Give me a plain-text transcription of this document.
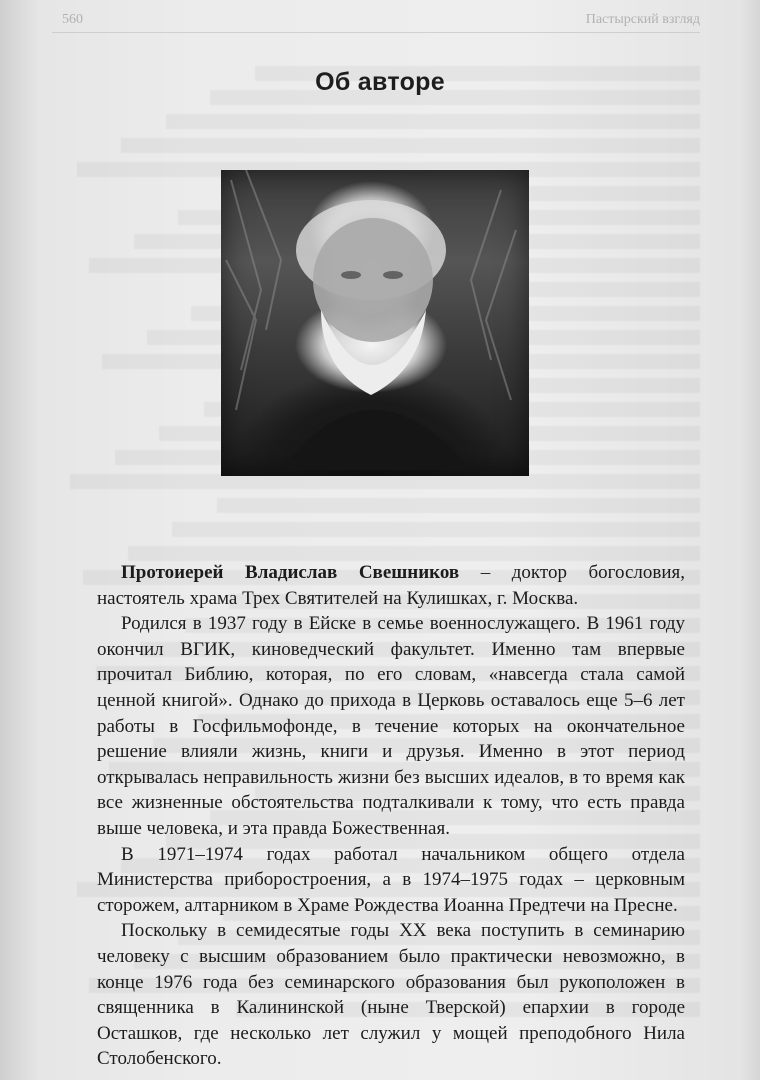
560	Пастырский взгляд
Об авторе

Протоиерей Владислав Свешников – доктор богословия, настоятель храма Трех Святителей на Кулишках, г. Москва.

Родился в 1937 году в Ейске в семье военнослужащего. В 1961 году окончил ВГИК, киноведческий факультет. Именно там впервые прочитал Библию, которая, по его словам, «навсегда стала самой ценной книгой». Однако до прихода в Церковь оставалось еще 5–6 лет работы в Госфильмофонде, в течение которых на окончательное решение влияли жизнь, книги и друзья. Именно в этот период открывалась неправильность жизни без высших идеалов, в то время как все жизненные обстоятельства подталкивали к тому, что есть правда выше человека, и эта правда Божественная.

В 1971–1974 годах работал начальником общего отдела Министерства приборостроения, а в 1974–1975 годах – церковным сторожем, алтарником в Храме Рождества Иоанна Предтечи на Пресне.

Поскольку в семидесятые годы XX века поступить в семинарию человеку с высшим образованием было практически невозможно, в конце 1976 года без семинарского образования был рукоположен в священника в Калининской (ныне Тверской) епархии в городе Осташков, где несколько лет служил у мощей преподобного Нила Столобенского.
